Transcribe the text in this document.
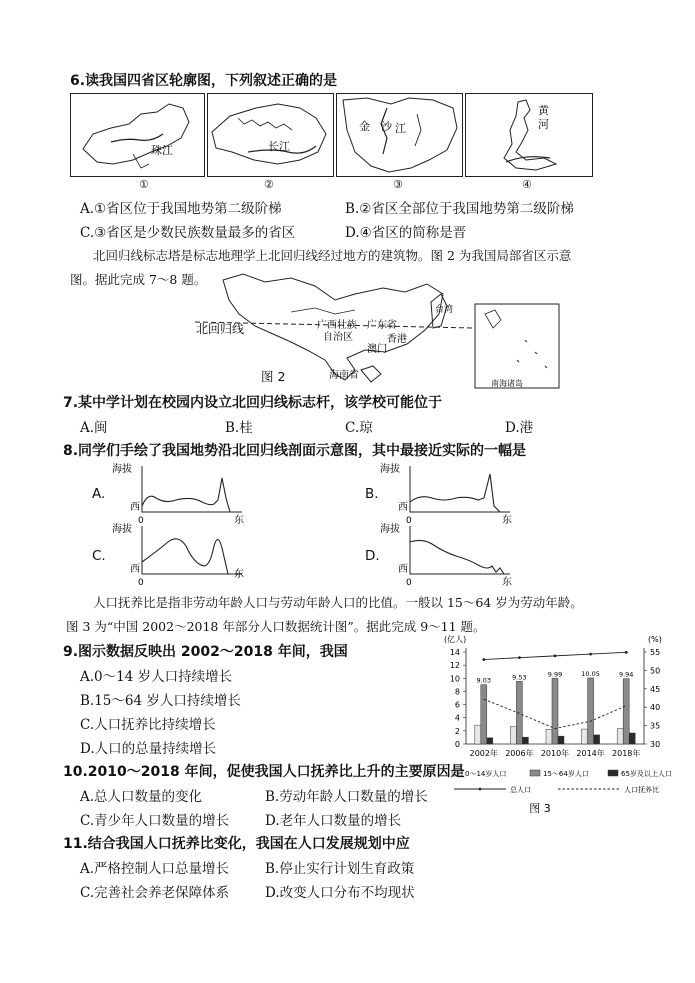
6.读我国四省区轮廓图，下列叙述正确的是
珠江	长江
金 沙 江
黄
河
①	②	③	④
A.①省区位于我国地势第二级阶梯	B.②省区全部位于我国地势第二级阶梯
C.③省区是少数民族数量最多的省区	D.④省区的简称是晋
北回归线标志塔是标志地理学上北回归线经过地方的建筑物。图 2 为我国局部省区示意
图。据此完成 7～8 题。
北回归线	广西壮族
自治区
广东省
香港
澳门
海南省
台湾
南海诸岛
图 2
7.某中学计划在校园内设立北回归线标志杆，该学校可能位于
A.闽	B.桂	C.琼	D.港
8.同学们手绘了我国地势沿北回归线剖面示意图，其中最接近实际的一幅是
A.
海拔
西
0	东
B.
海拔
西
0	东
C.
海拔
西
0
东
D.
海拔
西
0	东
人口抚养比是指非劳动年龄人口与劳动年龄人口的比值。一般以 15～64 岁为劳动年龄。
图 3 为“中国 2002～2018 年部分人口数据统计图”。据此完成 9～11 题。
9.图示数据反映出 2002～2018 年间，我国
A.0～14 岁人口持续增长
B.15～64 岁人口持续增长
C.人口抚养比持续增长
D.人口的总量持续增长
(亿人)	(%)
0
2
4
6
8
10
12
14
30
35
40
45
50
55
2002年
9.03
2006年
9.53
2010年
9.99
2014年
10.05
2018年
9.94
图 3
0～14岁人口	15～64岁人口	65岁及以上人口
总人口	人口抚养比
10.2010～2018 年间，促使我国人口抚养比上升的主要原因是
A.总人口数量的变化	B.劳动年龄人口数量的增长
C.青少年人口数量的增长	D.老年人口数量的增长
11.结合我国人口抚养比变化，我国在人口发展规划中应
A.严格控制人口总量增长	B.停止实行计划生育政策
C.完善社会养老保障体系	D.改变人口分布不均现状
